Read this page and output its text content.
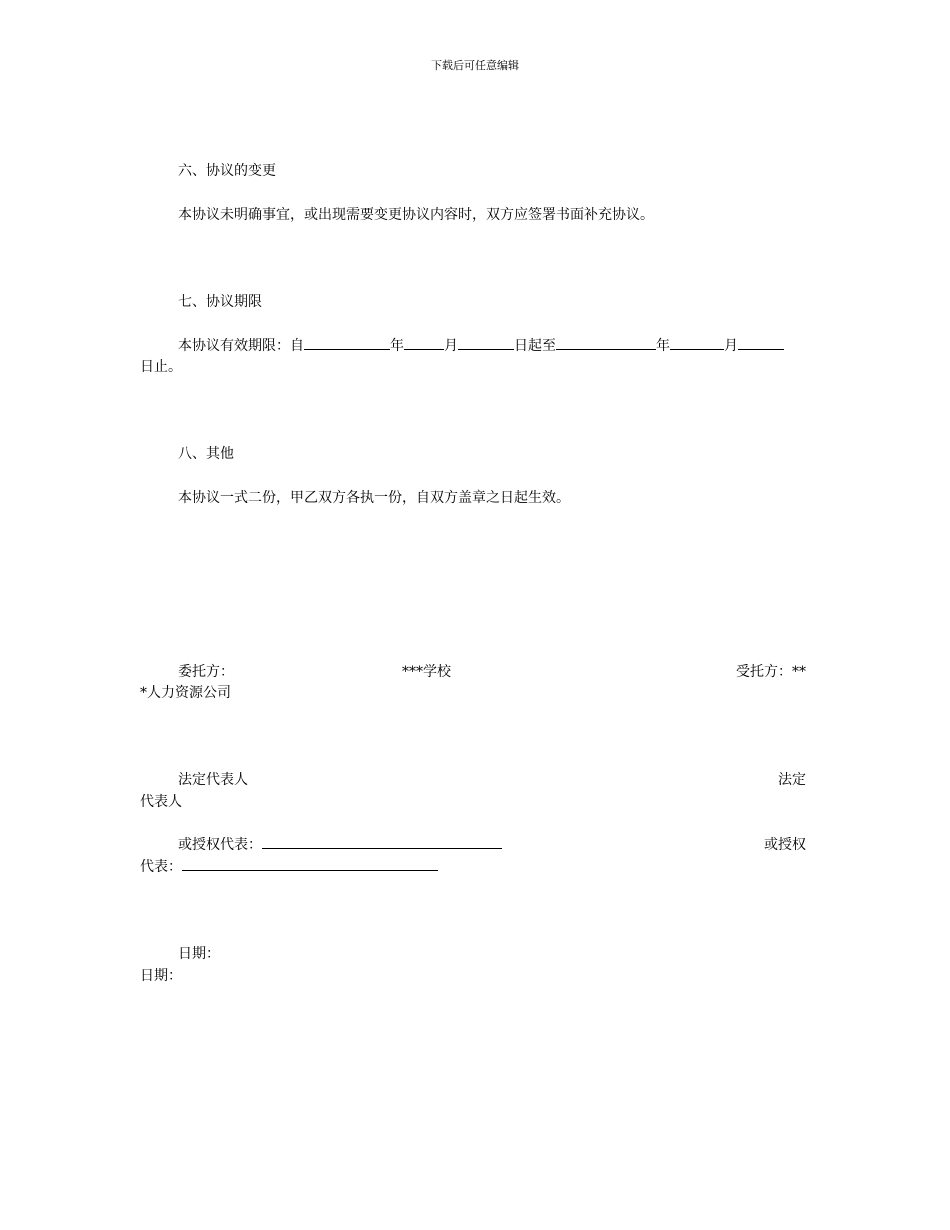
下载后可任意编辑
六、协议的变更
本协议未明确事宜，或出现需要变更协议内容时，双方应签署书面补充协议。
七、协议期限
本协议有效期限：自	年	月	日起至	年	月
日止。
八、其他
本协议一式二份，甲乙双方各执一份，自双方盖章之日起生效。
委托方：	***学校	受托方：**
*人力资源公司
法定代表人	法定
代表人
或授权代表：	或授权
代表：
日期：
日期：
